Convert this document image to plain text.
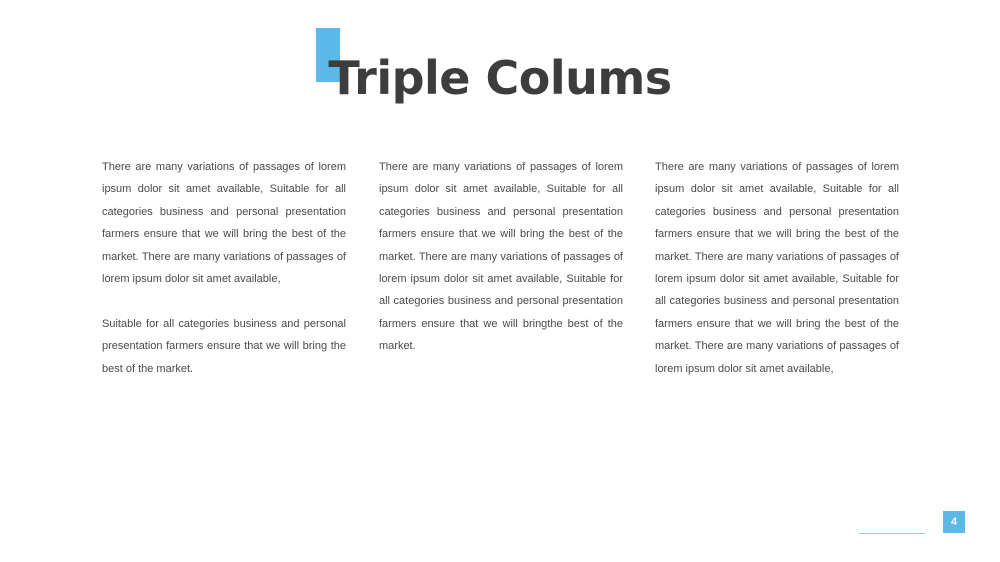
Triple Colums

There are many variations of passages of lorem ipsum dolor sit amet available, Suitable for all categories business and personal presentation farmers ensure that we will bring the best of the market. There are many variations of passages of lorem ipsum dolor sit amet available,

Suitable for all categories business and personal presentation farmers ensure that we will bring the best of the market.

There are many variations of passages of lorem ipsum dolor sit amet available, Suitable for all categories business and personal presentation farmers ensure that we will bring the best of the market. There are many variations of passages of lorem ipsum dolor sit amet available, Suitable for all categories business and personal presentation farmers ensure that we will bringthe best of the market.

There are many variations of passages of lorem ipsum dolor sit amet available, Suitable for all categories business and personal presentation farmers ensure that we will bring the best of the market. There are many variations of passages of lorem ipsum dolor sit amet available, Suitable for all categories business and personal presentation farmers ensure that we will bring the best of the market. There are many variations of passages of lorem ipsum dolor sit amet available,

4
